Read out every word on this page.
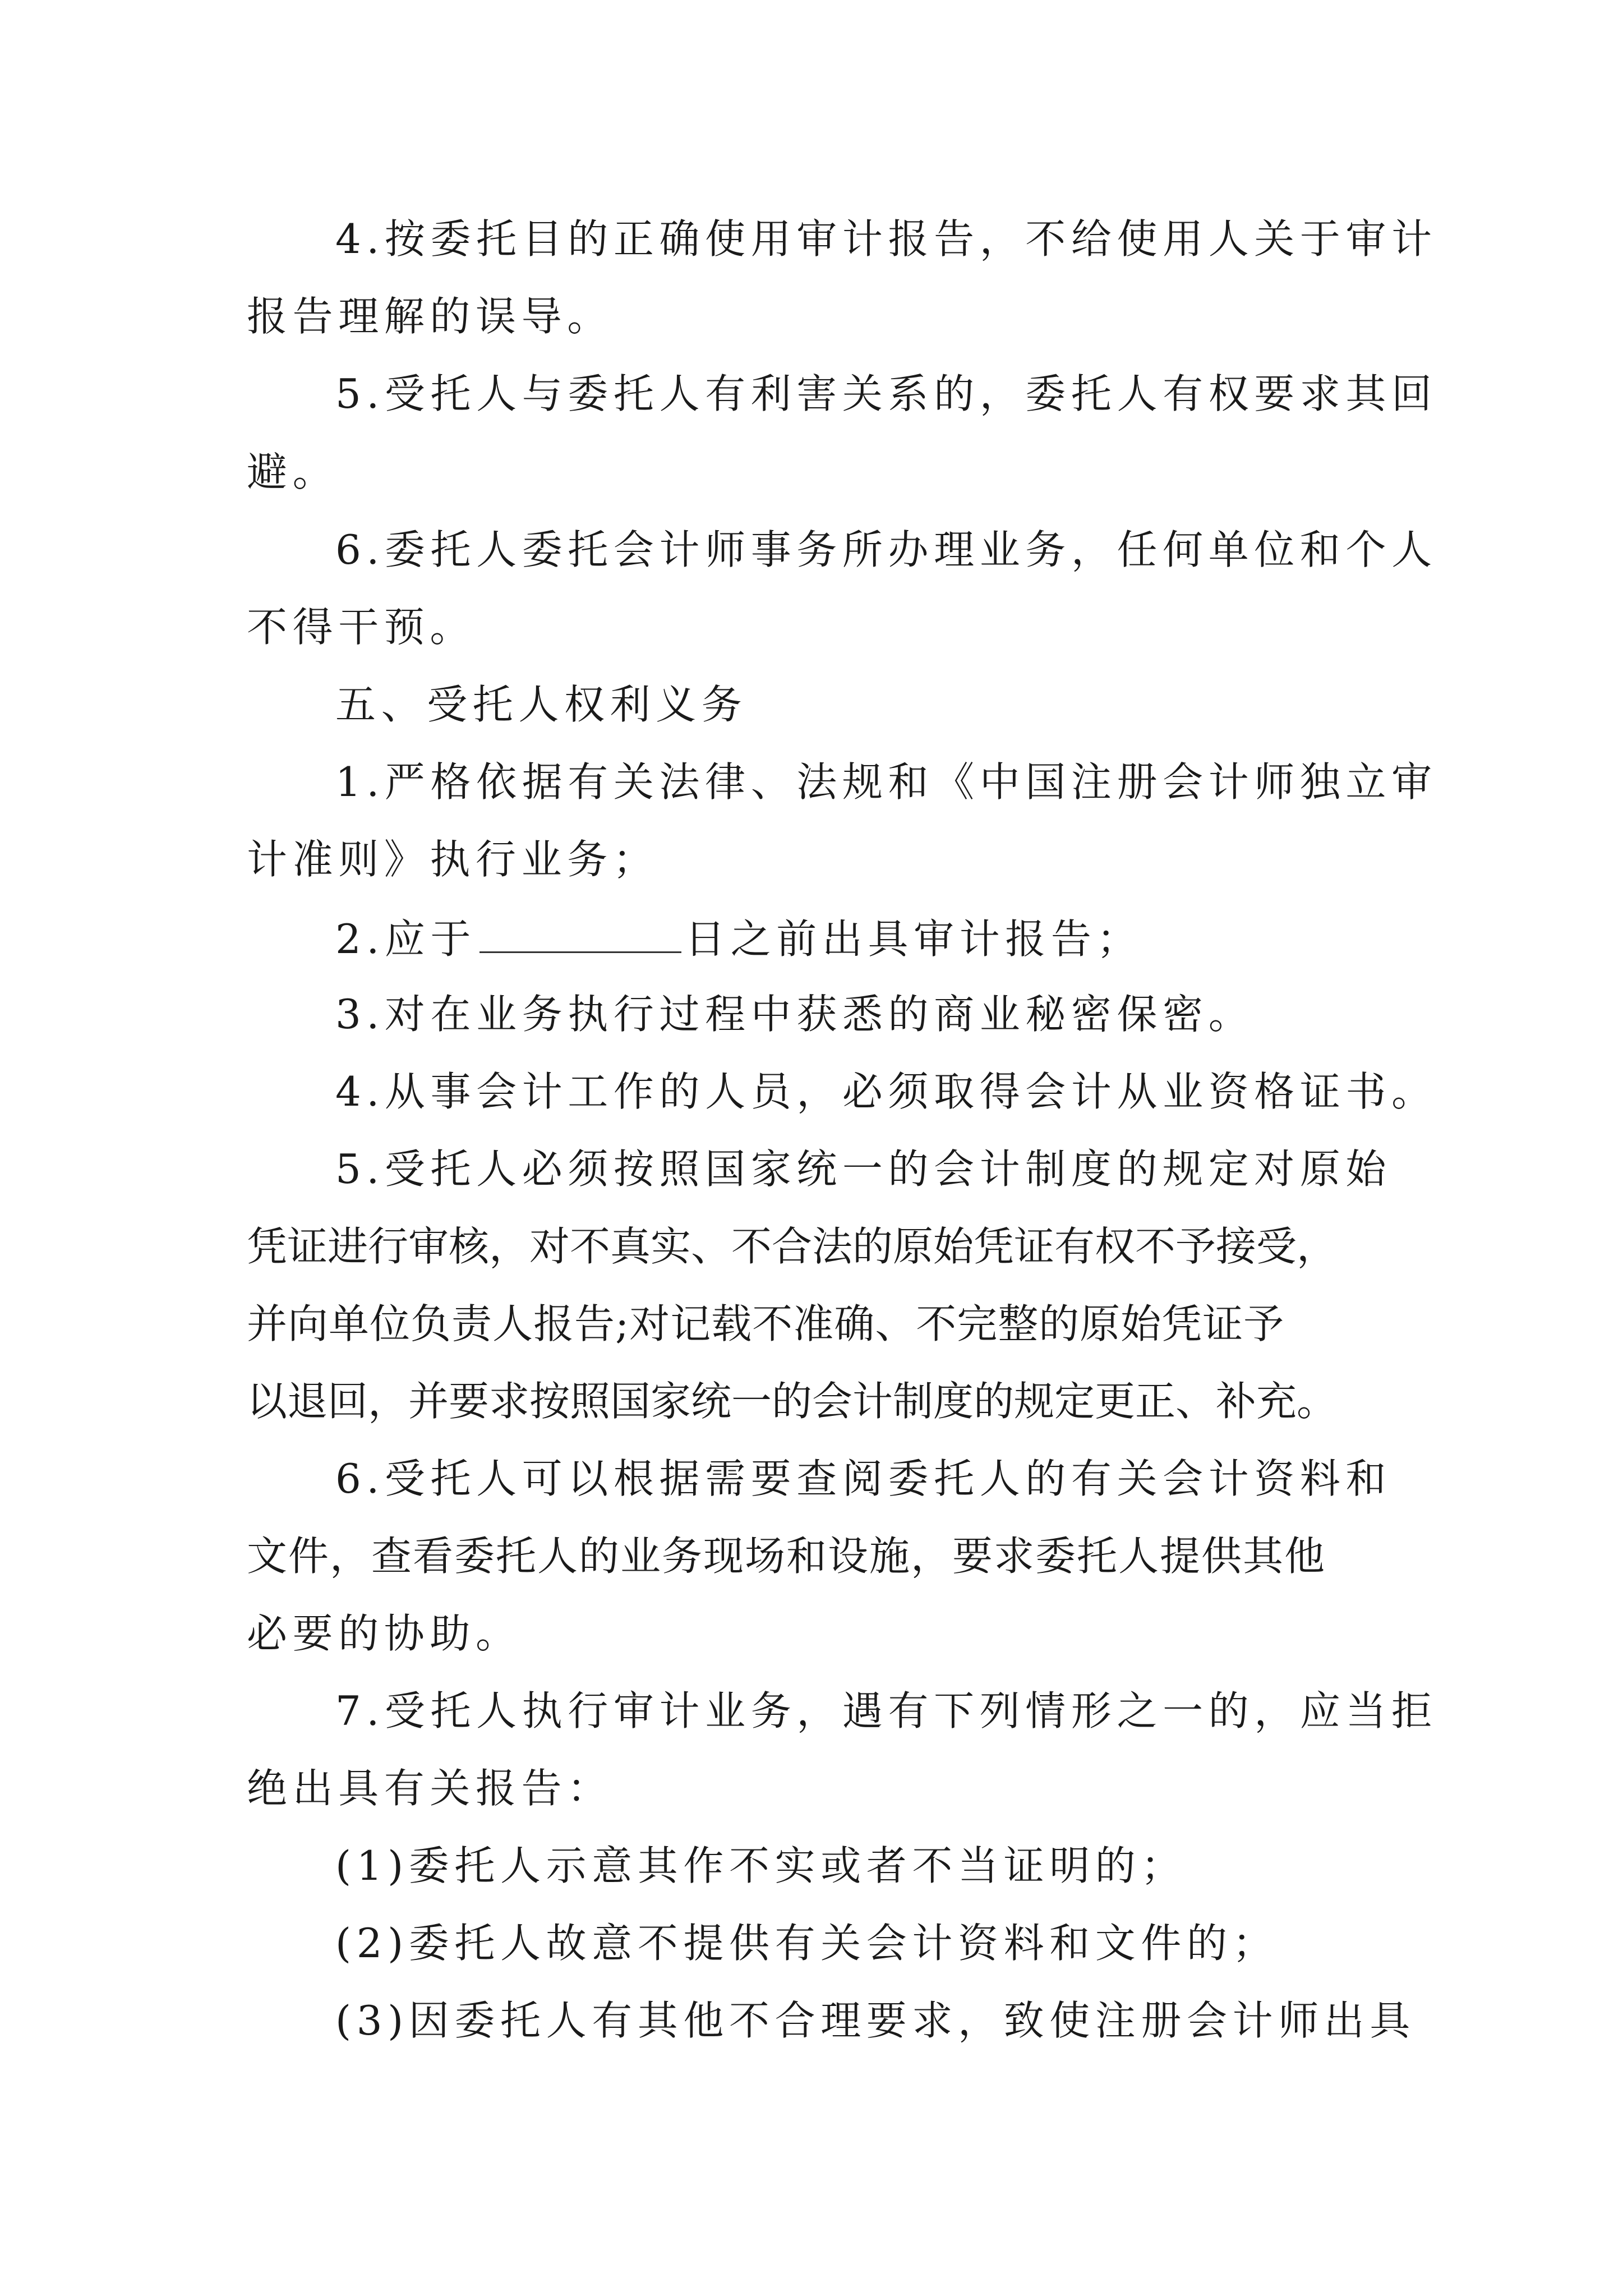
4.按委托目的正确使用审计报告，不给使用人关于审计

报告理解的误导。

5.受托人与委托人有利害关系的，委托人有权要求其回

避。

6.委托人委托会计师事务所办理业务，任何单位和个人

不得干预。

五、受托人权利义务

1.严格依据有关法律、法规和《中国注册会计师独立审

计准则》执行业务；

2.应于	日之前出具审计报告；

3.对在业务执行过程中获悉的商业秘密保密。

4.从事会计工作的人员，必须取得会计从业资格证书。

5.受托人必须按照国家统一的会计制度的规定对原始

凭证进行审核，对不真实、不合法的原始凭证有权不予接受，

并向单位负责人报告;对记载不准确、不完整的原始凭证予

以退回，并要求按照国家统一的会计制度的规定更正、补充。

6.受托人可以根据需要查阅委托人的有关会计资料和

文件，查看委托人的业务现场和设施，要求委托人提供其他

必要的协助。

7.受托人执行审计业务，遇有下列情形之一的，应当拒

绝出具有关报告：

(1)委托人示意其作不实或者不当证明的；

(2)委托人故意不提供有关会计资料和文件的；

(3)因委托人有其他不合理要求，致使注册会计师出具
